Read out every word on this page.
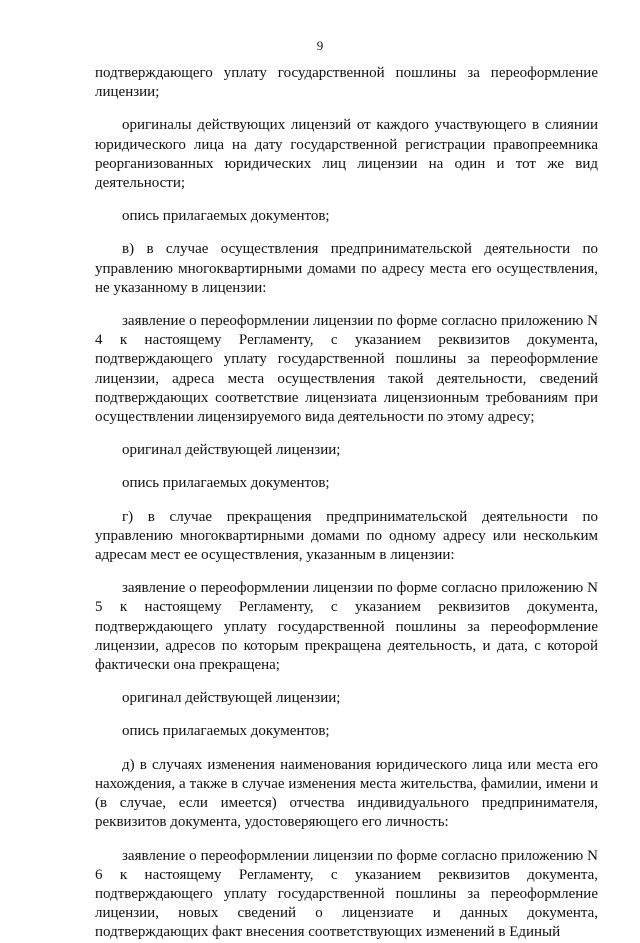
9

подтверждающего уплату государственной пошлины за переоформление лицензии;

оригиналы действующих лицензий от каждого участвующего в слиянии юридического лица на дату государственной регистрации правопреемника реорганизованных юридических лиц лицензии на один и тот же вид деятельности;

опись прилагаемых документов;

в) в случае осуществления предпринимательской деятельности по управлению многоквартирными домами по адресу места его осуществления, не указанному в лицензии:

заявление о переоформлении лицензии по форме согласно приложению N 4 к настоящему Регламенту, с указанием реквизитов документа, подтверждающего уплату государственной пошлины за переоформление лицензии, адреса места осуществления такой деятельности, сведений подтверждающих соответствие лицензиата лицензионным требованиям при осуществлении лицензируемого вида деятельности по этому адресу;

оригинал действующей лицензии;

опись прилагаемых документов;

г) в случае прекращения предпринимательской деятельности по управлению многоквартирными домами по одному адресу или нескольким адресам мест ее осуществления, указанным в лицензии:

заявление о переоформлении лицензии по форме согласно приложению N 5 к настоящему Регламенту, с указанием реквизитов документа, подтверждающего уплату государственной пошлины за переоформление лицензии, адресов по которым прекращена деятельность, и дата, с которой фактически она прекращена;

оригинал действующей лицензии;

опись прилагаемых документов;

д) в случаях изменения наименования юридического лица или места его нахождения, а также в случае изменения места жительства, фамилии, имени и (в случае, если имеется) отчества индивидуального предпринимателя, реквизитов документа, удостоверяющего его личность:

заявление о переоформлении лицензии по форме согласно приложению N 6 к настоящему Регламенту, с указанием реквизитов документа, подтверждающего уплату государственной пошлины за переоформление лицензии, новых сведений о лицензиате и данных документа, подтверждающих факт внесения соответствующих изменений в Единый
